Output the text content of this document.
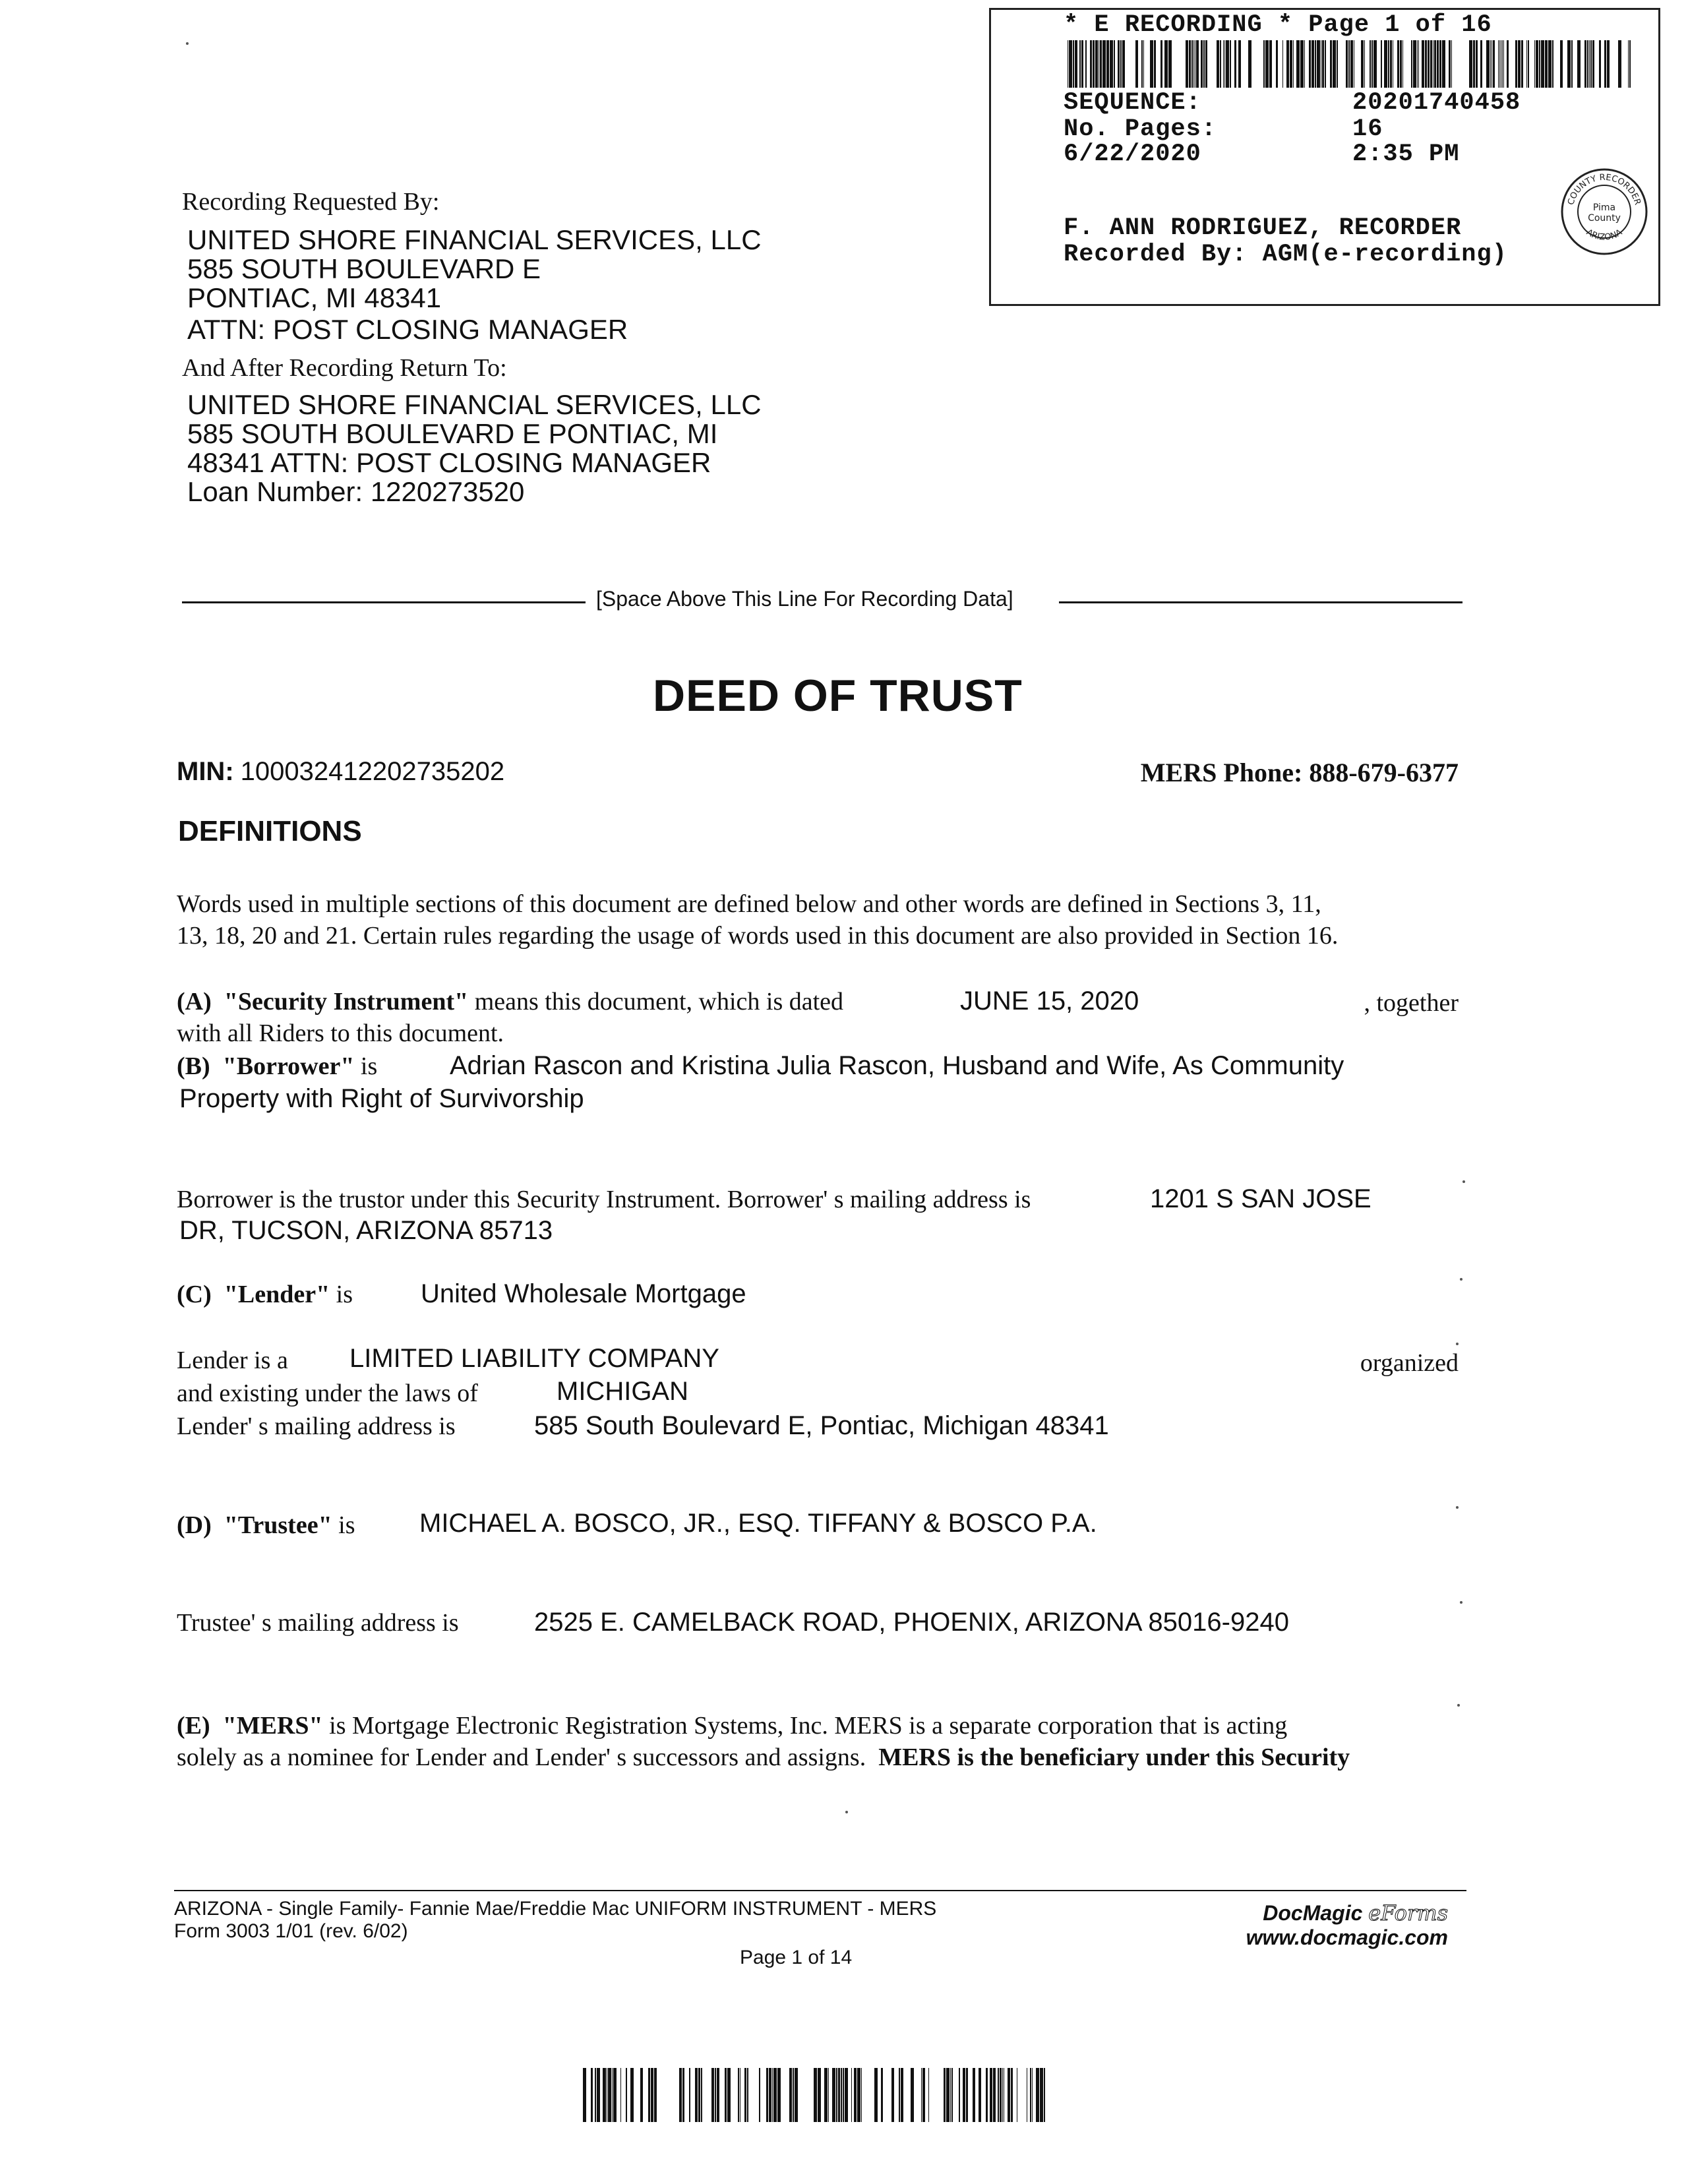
* E RECORDING * Page 1 of 16
SEQUENCE:	20201740458
No. Pages:	16
6/22/2020	2:35 PM
F. ANN RODRIGUEZ, RECORDER
Recorded By: AGM(e-recording)
COUNTY RECORDER
ARIZONA
Pima
County
Recording Requested By:
UNITED SHORE FINANCIAL SERVICES, LLC
585 SOUTH BOULEVARD E
PONTIAC, MI 48341
ATTN: POST CLOSING MANAGER
And After Recording Return To:
UNITED SHORE FINANCIAL SERVICES, LLC
585 SOUTH BOULEVARD E PONTIAC, MI
48341 ATTN: POST CLOSING MANAGER
Loan Number: 1220273520
[Space Above This Line For Recording Data]
DEED OF TRUST
MIN: 100032412202735202	MERS Phone: 888-679-6377
DEFINITIONS
Words used in multiple sections of this document are defined below and other words are defined in Sections 3, 11,
13, 18, 20 and 21. Certain rules regarding the usage of words used in this document are also provided in Section 16.
(A) "Security Instrument" means this document, which is dated	JUNE 15, 2020	, together
with all Riders to this document.
(B) "Borrower" is	Adrian Rascon and Kristina Julia Rascon, Husband and Wife, As Community
Property with Right of Survivorship
Borrower is the trustor under this Security Instrument. Borrower' s mailing address is	1201 S SAN JOSE
DR, TUCSON, ARIZONA 85713
(C) "Lender" is	United Wholesale Mortgage
Lender is a LIMITED LIABILITY COMPANY	organized
and existing under the laws of	MICHIGAN
Lender' s mailing address is	585 South Boulevard E, Pontiac, Michigan 48341
(D) "Trustee" is MICHAEL A. BOSCO, JR., ESQ. TIFFANY & BOSCO P.A.
Trustee' s mailing address is	2525 E. CAMELBACK ROAD, PHOENIX, ARIZONA 85016-9240
(E) "MERS" is Mortgage Electronic Registration Systems, Inc. MERS is a separate corporation that is acting
solely as a nominee for Lender and Lender' s successors and assigns. MERS is the beneficiary under this Security
ARIZONA - Single Family- Fannie Mae/Freddie Mac UNIFORM INSTRUMENT - MERS
Form 3003 1/01 (rev. 6/02)
Page 1 of 14
DocMagic eForms
www.docmagic.com
